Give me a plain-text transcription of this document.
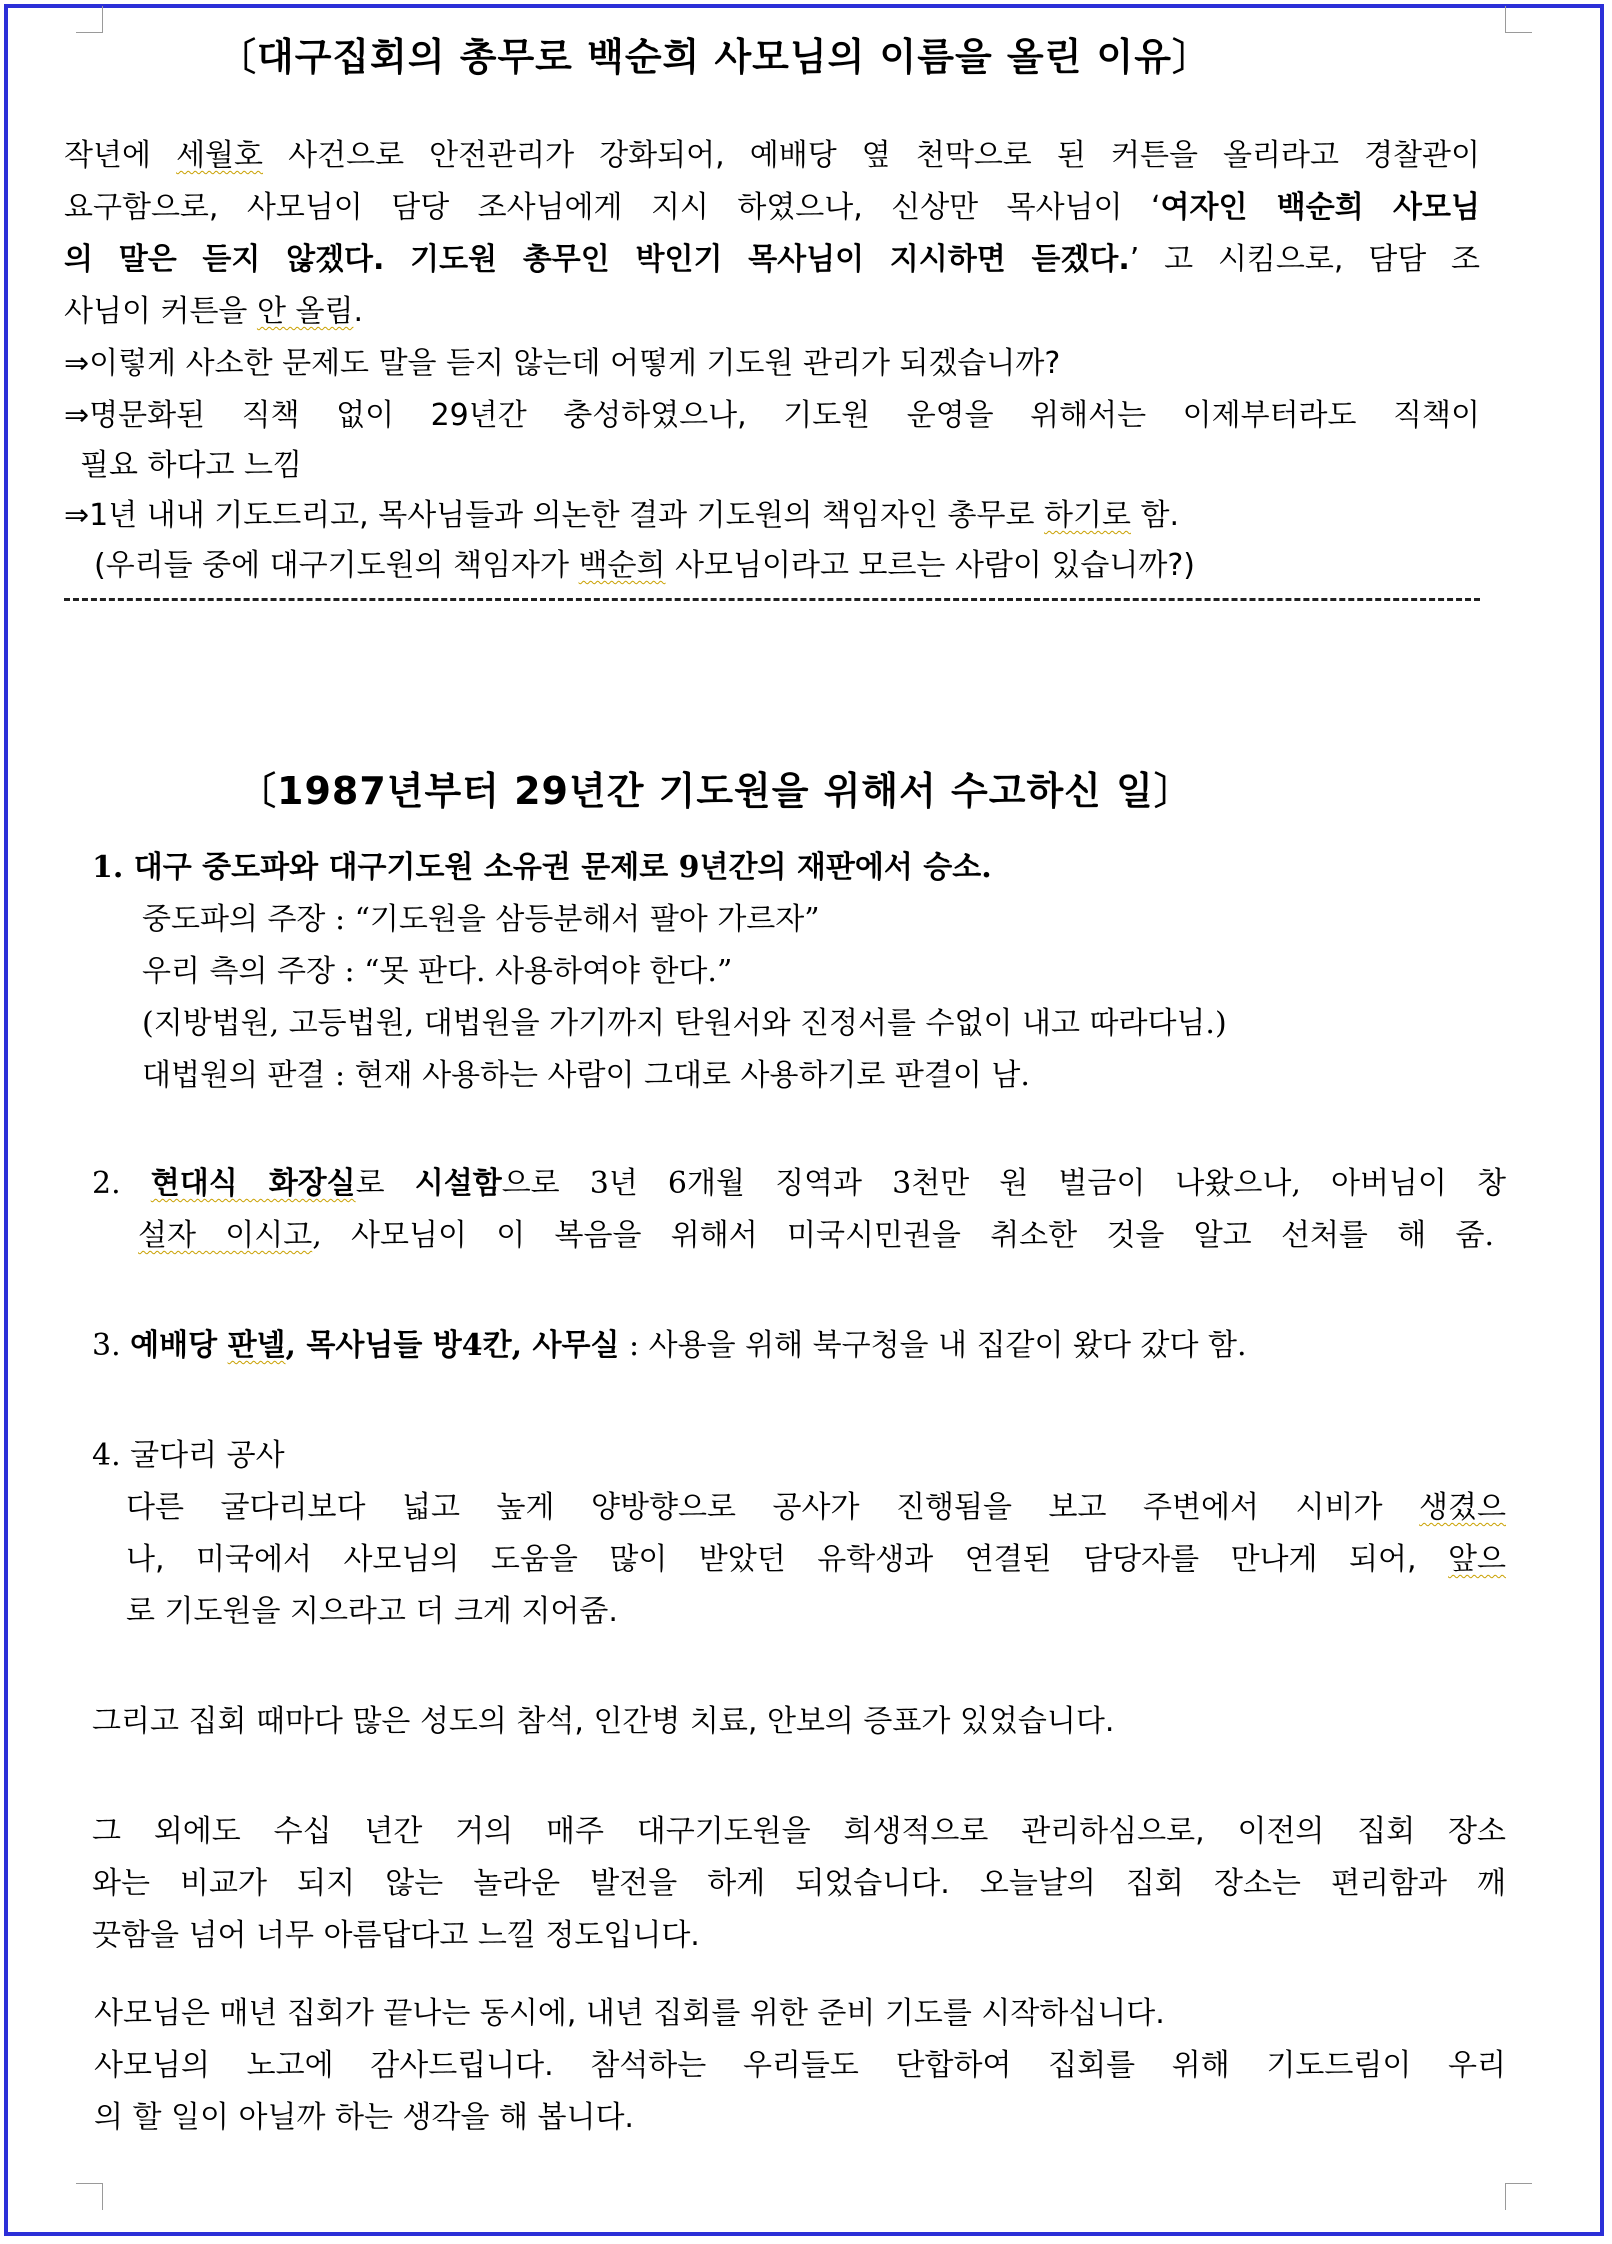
〔대구집회의 총무로 백순희 사모님의 이름을 올린 이유〕
작년에 세월호 사건으로 안전관리가 강화되어, 예배당 옆 천막으로 된 커튼을 올리라고 경찰관이
요구함으로, 사모님이 담당 조사님에게 지시 하였으나, 신상만 목사님이 ‘여자인 백순희 사모님
의 말은 듣지 않겠다. 기도원 총무인 박인기 목사님이 지시하면 듣겠다.’ 고 시킴으로, 담담 조
사님이 커튼을 안 올림.
⇒이렇게 사소한 문제도 말을 듣지 않는데 어떻게 기도원 관리가 되겠습니까?
⇒명문화된 직책 없이 29년간 충성하였으나, 기도원 운영을 위해서는 이제부터라도 직책이
필요 하다고 느낌
⇒1년 내내 기도드리고, 목사님들과 의논한 결과 기도원의 책임자인 총무로 하기로 함.
(우리들 중에 대구기도원의 책임자가 백순희 사모님이라고 모르는 사람이 있습니까?)
〔1987년부터 29년간 기도원을 위해서 수고하신 일〕
1. 대구 중도파와 대구기도원 소유권 문제로 9년간의 재판에서 승소.
중도파의 주장 : “기도원을 삼등분해서 팔아 가르자”
우리 측의 주장 : “못 판다. 사용하여야 한다.”
(지방법원, 고등법원, 대법원을 가기까지 탄원서와 진정서를 수없이 내고 따라다님.)
대법원의 판결 : 현재 사용하는 사람이 그대로 사용하기로 판결이 남.
2. 현대식 화장실로 시설함으로 3년 6개월 징역과 3천만 원 벌금이 나왔으나, 아버님이 창
설자 이시고, 사모님이 이 복음을 위해서 미국시민권을 취소한 것을 알고 선처를 해 줌.
3. 예배당 판넬, 목사님들 방4칸, 사무실 : 사용을 위해 북구청을 내 집같이 왔다 갔다 함.
4. 굴다리 공사
다른 굴다리보다 넓고 높게 양방향으로 공사가 진행됨을 보고 주변에서 시비가 생겼으
나, 미국에서 사모님의 도움을 많이 받았던 유학생과 연결된 담당자를 만나게 되어, 앞으
로 기도원을 지으라고 더 크게 지어줌.
그리고 집회 때마다 많은 성도의 참석, 인간병 치료, 안보의 증표가 있었습니다.
그 외에도 수십 년간 거의 매주 대구기도원을 희생적으로 관리하심으로, 이전의 집회 장소
와는 비교가 되지 않는 놀라운 발전을 하게 되었습니다. 오늘날의 집회 장소는 편리함과 깨
끗함을 넘어 너무 아름답다고 느낄 정도입니다.
사모님은 매년 집회가 끝나는 동시에, 내년 집회를 위한 준비 기도를 시작하십니다.
사모님의 노고에 감사드립니다. 참석하는 우리들도 단합하여 집회를 위해 기도드림이 우리
의 할 일이 아닐까 하는 생각을 해 봅니다.
